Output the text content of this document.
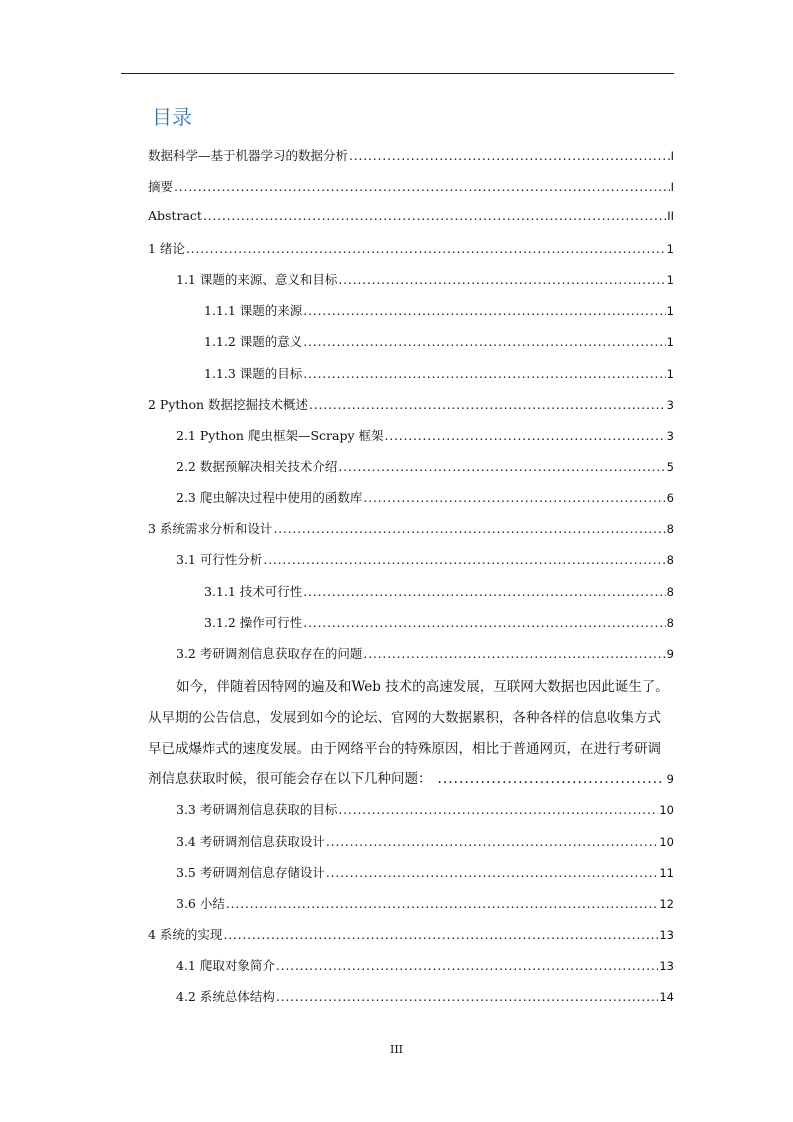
目录
数据科学—基于机器学习的数据分析 . . .	I
摘要 . . .	I
Abstract . . .	II
1 绪论 . . .	1
1.1 课题的来源、意义和目标 . . .	1
1.1.1 课题的来源 . . .	1
1.1.2 课题的意义 . . .	1
1.1.3 课题的目标 . . .	1
2 Python 数据挖掘技术概述 . . .	3
2.1 Python 爬虫框架—Scrapy 框架 . . .	3
2.2 数据预解决相关技术介绍 . . .	5
2.3 爬虫解决过程中使用的函数库 . . .	6
3 系统需求分析和设计 . . .	8
3.1 可行性分析 . . .	8
3.1.1 技术可行性 . . .	8
3.1.2 操作可行性 . . .	8
3.2 考研调剂信息获取存在的问题 . . .	9
如今，伴随着因特网的遍及和Web 技术的高速发展，互联网大数据也因此诞生了。从早期的公告信息，发展到如今的论坛、官网的大数据累积，各种各样的信息收集方式早已成爆炸式的速度发展。由于网络平台的特殊原因，相比于普通网页，在进行考研调
剂信息获取时候，很可能会存在以下几种问题： . . .	9
3.3 考研调剂信息获取的目标 . . .	10
3.4 考研调剂信息获取设计 . . .	10
3.5 考研调剂信息存储设计 . . .	11
3.6 小结 . . .	12
4 系统的实现 . . .	13
4.1 爬取对象简介 . . .	13
4.2 系统总体结构 . . .	14
III
